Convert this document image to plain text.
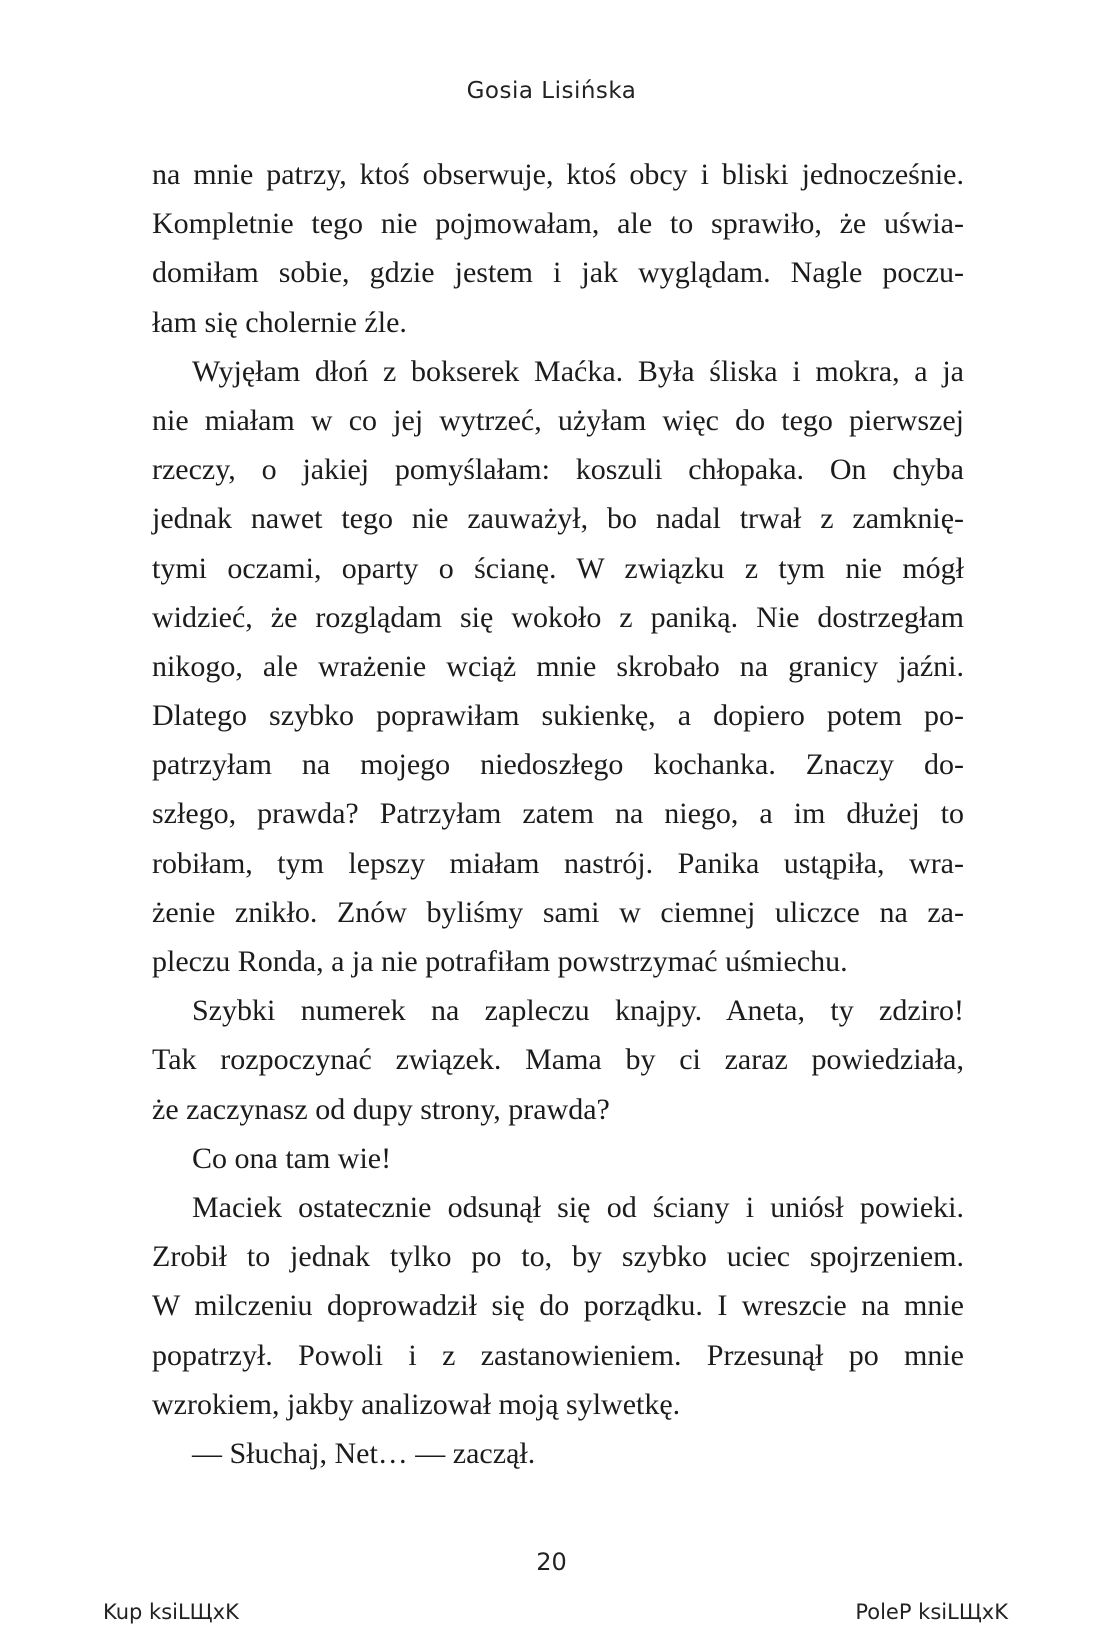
Gosia Lisińska
na mnie patrzy, ktoś obserwuje, ktoś obcy i bliski jednocześnie.
Kompletnie tego nie pojmowałam, ale to sprawiło, że uświa-
domiłam sobie, gdzie jestem i jak wyglądam. Nagle poczu-
łam się cholernie źle.
Wyjęłam dłoń z bokserek Maćka. Była śliska i mokra, a ja
nie miałam w co jej wytrzeć, użyłam więc do tego pierwszej
rzeczy, o jakiej pomyślałam: koszuli chłopaka. On chyba
jednak nawet tego nie zauważył, bo nadal trwał z zamknię-
tymi oczami, oparty o ścianę. W związku z tym nie mógł
widzieć, że rozglądam się wokoło z paniką. Nie dostrzegłam
nikogo, ale wrażenie wciąż mnie skrobało na granicy jaźni.
Dlatego szybko poprawiłam sukienkę, a dopiero potem po-
patrzyłam na mojego niedoszłego kochanka. Znaczy do-
szłego, prawda? Patrzyłam zatem na niego, a im dłużej to
robiłam, tym lepszy miałam nastrój. Panika ustąpiła, wra-
żenie znikło. Znów byliśmy sami w ciemnej uliczce na za-
pleczu Ronda, a ja nie potrafiłam powstrzymać uśmiechu.
Szybki numerek na zapleczu knajpy. Aneta, ty zdziro!
Tak rozpoczynać związek. Mama by ci zaraz powiedziała,
że zaczynasz od dupy strony, prawda?
Co ona tam wie!
Maciek ostatecznie odsunął się od ściany i uniósł powieki.
Zrobił to jednak tylko po to, by szybko uciec spojrzeniem.
W milczeniu doprowadził się do porządku. I wreszcie na mnie
popatrzył. Powoli i z zastanowieniem. Przesunął po mnie
wzrokiem, jakby analizował moją sylwetkę.
— Słuchaj, Net… — zaczął.
20
Kup ksiLЩxK	PoleP ksiLЩxK
